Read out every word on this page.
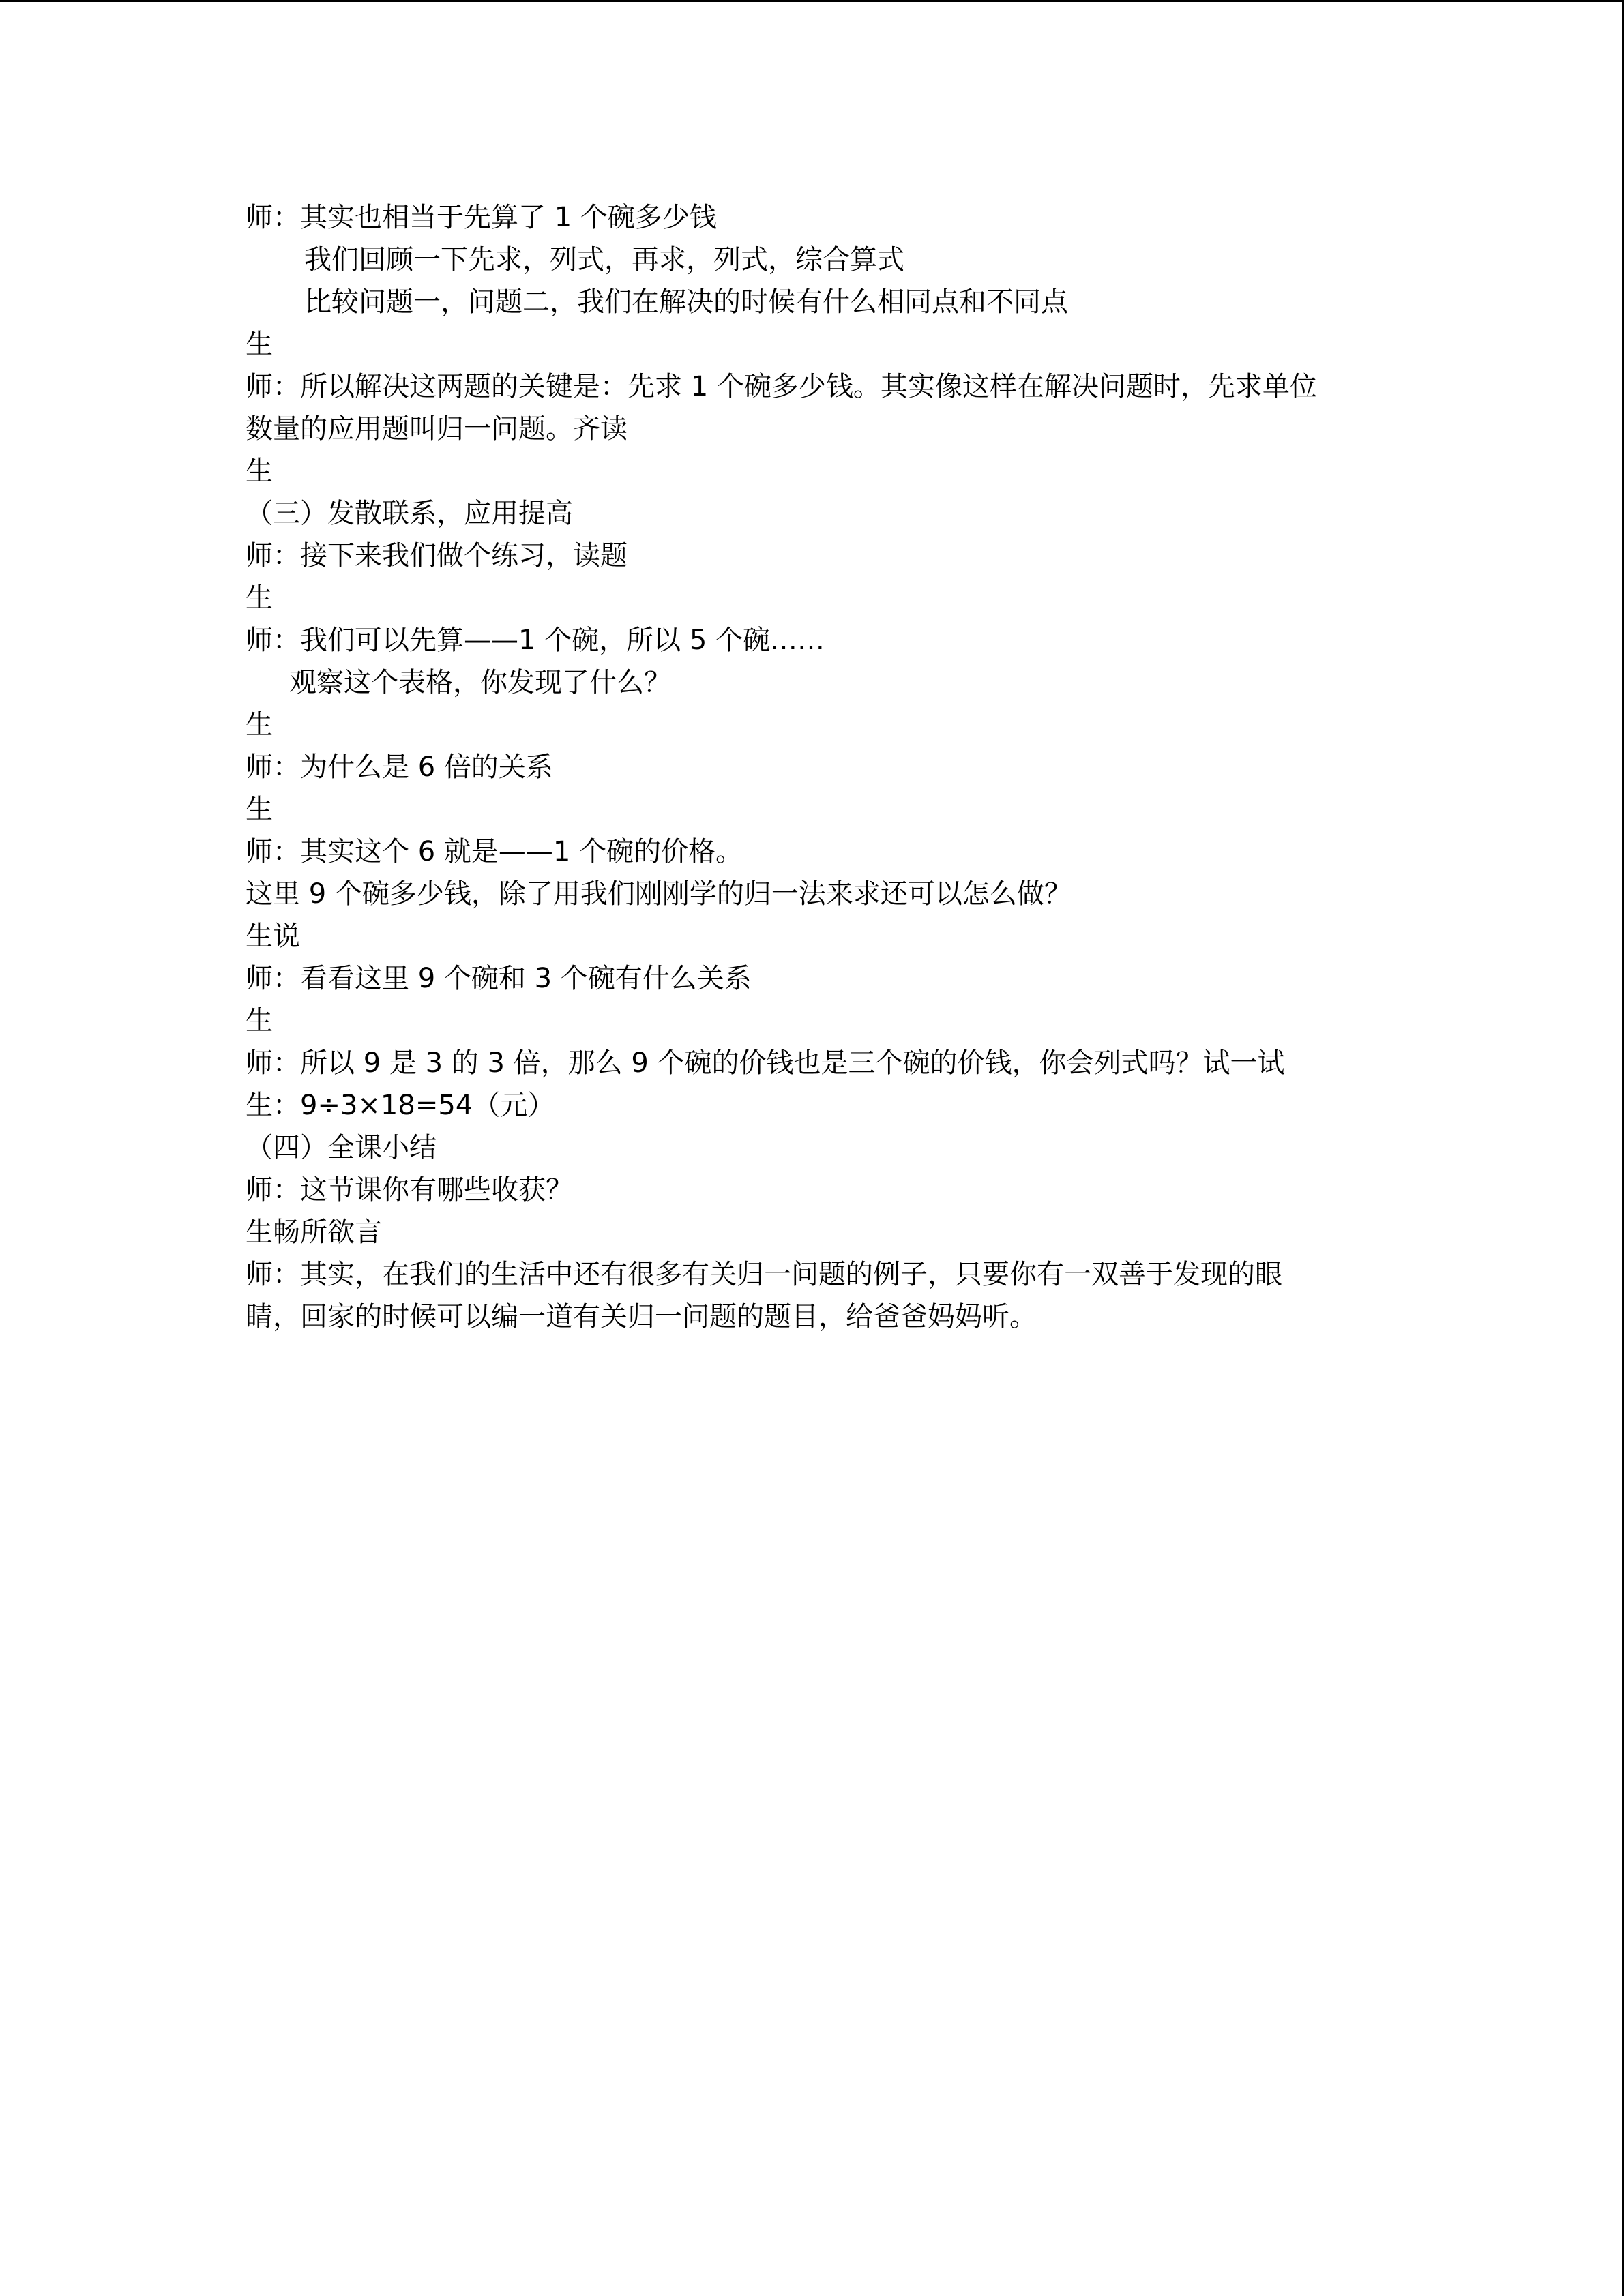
师：其实也相当于先算了 1 个碗多少钱
我们回顾一下先求，列式，再求，列式，综合算式
比较问题一，问题二，我们在解决的时候有什么相同点和不同点
生
师：所以解决这两题的关键是：先求 1 个碗多少钱。其实像这样在解决问题时，先求单位
数量的应用题叫归一问题。齐读
生
（三）发散联系，应用提高
师：接下来我们做个练习，读题
生
师：我们可以先算——1 个碗，所以 5 个碗……
观察这个表格，你发现了什么？
生
师：为什么是 6 倍的关系
生
师：其实这个 6 就是——1 个碗的价格。
这里 9 个碗多少钱，除了用我们刚刚学的归一法来求还可以怎么做？
生说
师：看看这里 9 个碗和 3 个碗有什么关系
生
师：所以 9 是 3 的 3 倍，那么 9 个碗的价钱也是三个碗的价钱，你会列式吗？试一试
生：9÷3×18=54（元）
（四）全课小结
师：这节课你有哪些收获？
生畅所欲言
师：其实，在我们的生活中还有很多有关归一问题的例子，只要你有一双善于发现的眼
睛，回家的时候可以编一道有关归一问题的题目，给爸爸妈妈听。
